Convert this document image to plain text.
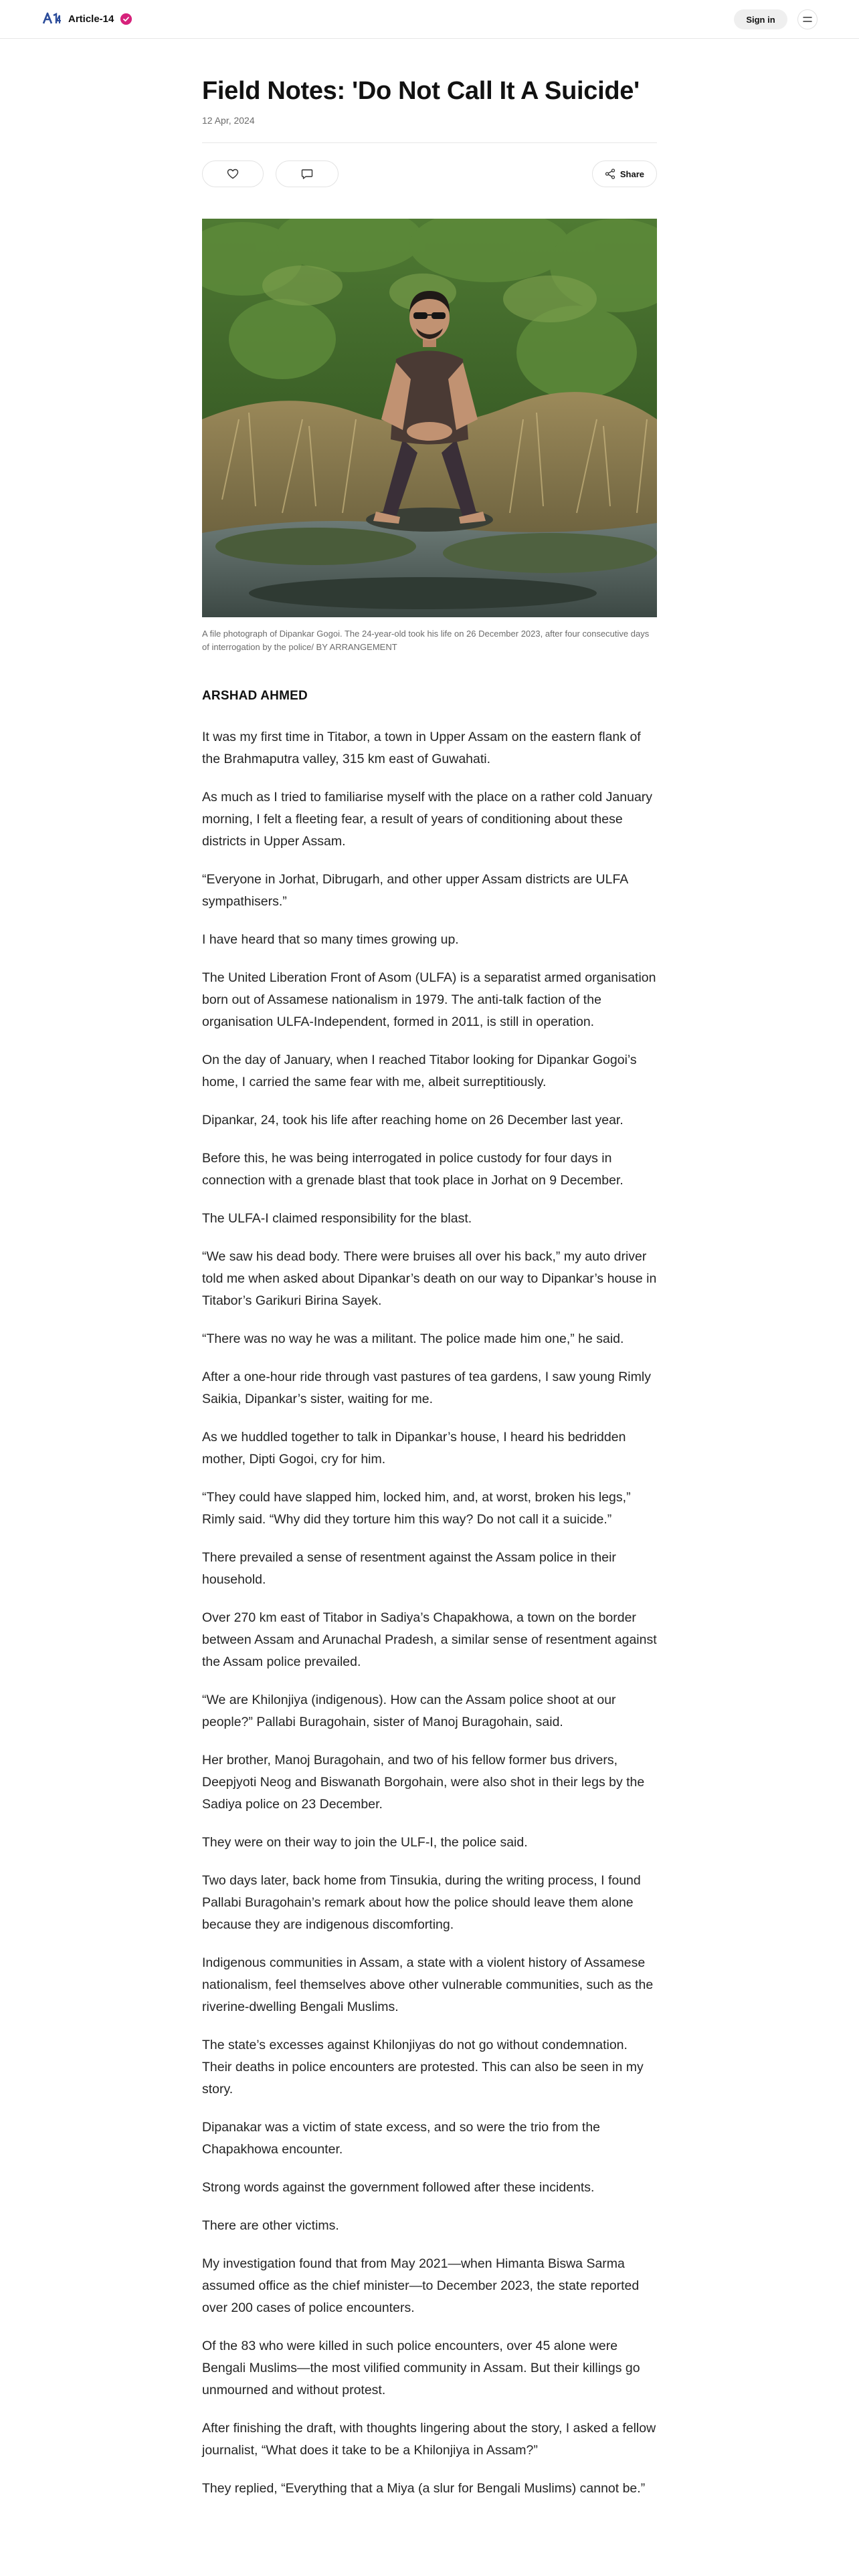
Article-14	Sign in
Field Notes: 'Do Not Call It A Suicide'
12 Apr, 2024
Share
A file photograph of Dipankar Gogoi. The 24-year-old took his life on 26 December 2023, after four consecutive days of interrogation by the police/ BY ARRANGEMENT
ARSHAD AHMED

It was my first time in Titabor, a town in Upper Assam on the eastern flank of the Brahmaputra valley, 315 km east of Guwahati.

As much as I tried to familiarise myself with the place on a rather cold January morning, I felt a fleeting fear, a result of years of conditioning about these districts in Upper Assam.

“Everyone in Jorhat, Dibrugarh, and other upper Assam districts are ULFA sympathisers.”

I have heard that so many times growing up.

The United Liberation Front of Asom (ULFA) is a separatist armed organisation born out of Assamese nationalism in 1979. The anti-talk faction of the organisation ULFA-Independent, formed in 2011, is still in operation.

On the day of January, when I reached Titabor looking for Dipankar Gogoi’s home, I carried the same fear with me, albeit surreptitiously.

Dipankar, 24, took his life after reaching home on 26 December last year.

Before this, he was being interrogated in police custody for four days in connection with a grenade blast that took place in Jorhat on 9 December.

The ULFA-I claimed responsibility for the blast.

“We saw his dead body. There were bruises all over his back,” my auto driver told me when asked about Dipankar’s death on our way to Dipankar’s house in Titabor’s Garikuri Birina Sayek.

“There was no way he was a militant. The police made him one,” he said.

After a one-hour ride through vast pastures of tea gardens, I saw young Rimly Saikia, Dipankar’s sister, waiting for me.

As we huddled together to talk in Dipankar’s house, I heard his bedridden mother, Dipti Gogoi, cry for him.

“They could have slapped him, locked him, and, at worst, broken his legs,” Rimly said. “Why did they torture him this way? Do not call it a suicide.”

There prevailed a sense of resentment against the Assam police in their household.

Over 270 km east of Titabor in Sadiya’s Chapakhowa, a town on the border between Assam and Arunachal Pradesh, a similar sense of resentment against the Assam police prevailed.

“We are Khilonjiya (indigenous). How can the Assam police shoot at our people?” Pallabi Buragohain, sister of Manoj Buragohain, said.

Her brother, Manoj Buragohain, and two of his fellow former bus drivers, Deepjyoti Neog and Biswanath Borgohain, were also shot in their legs by the Sadiya police on 23 December.

They were on their way to join the ULF-I, the police said.

Two days later, back home from Tinsukia, during the writing process, I found Pallabi Buragohain’s remark about how the police should leave them alone because they are indigenous discomforting.

Indigenous communities in Assam, a state with a violent history of Assamese nationalism, feel themselves above other vulnerable communities, such as the riverine-dwelling Bengali Muslims.

The state’s excesses against Khilonjiyas do not go without condemnation. Their deaths in police encounters are protested. This can also be seen in my story.

Dipanakar was a victim of state excess, and so were the trio from the Chapakhowa encounter.

Strong words against the government followed after these incidents.

There are other victims.

My investigation found that from May 2021—when Himanta Biswa Sarma assumed office as the chief minister—to December 2023, the state reported over 200 cases of police encounters.

Of the 83 who were killed in such police encounters, over 45 alone were Bengali Muslims—the most vilified community in Assam. But their killings go unmourned and without protest.

After finishing the draft, with thoughts lingering about the story, I asked a fellow journalist, “What does it take to be a Khilonjiya in Assam?”

They replied, “Everything that a Miya (a slur for Bengali Muslims) cannot be.”
